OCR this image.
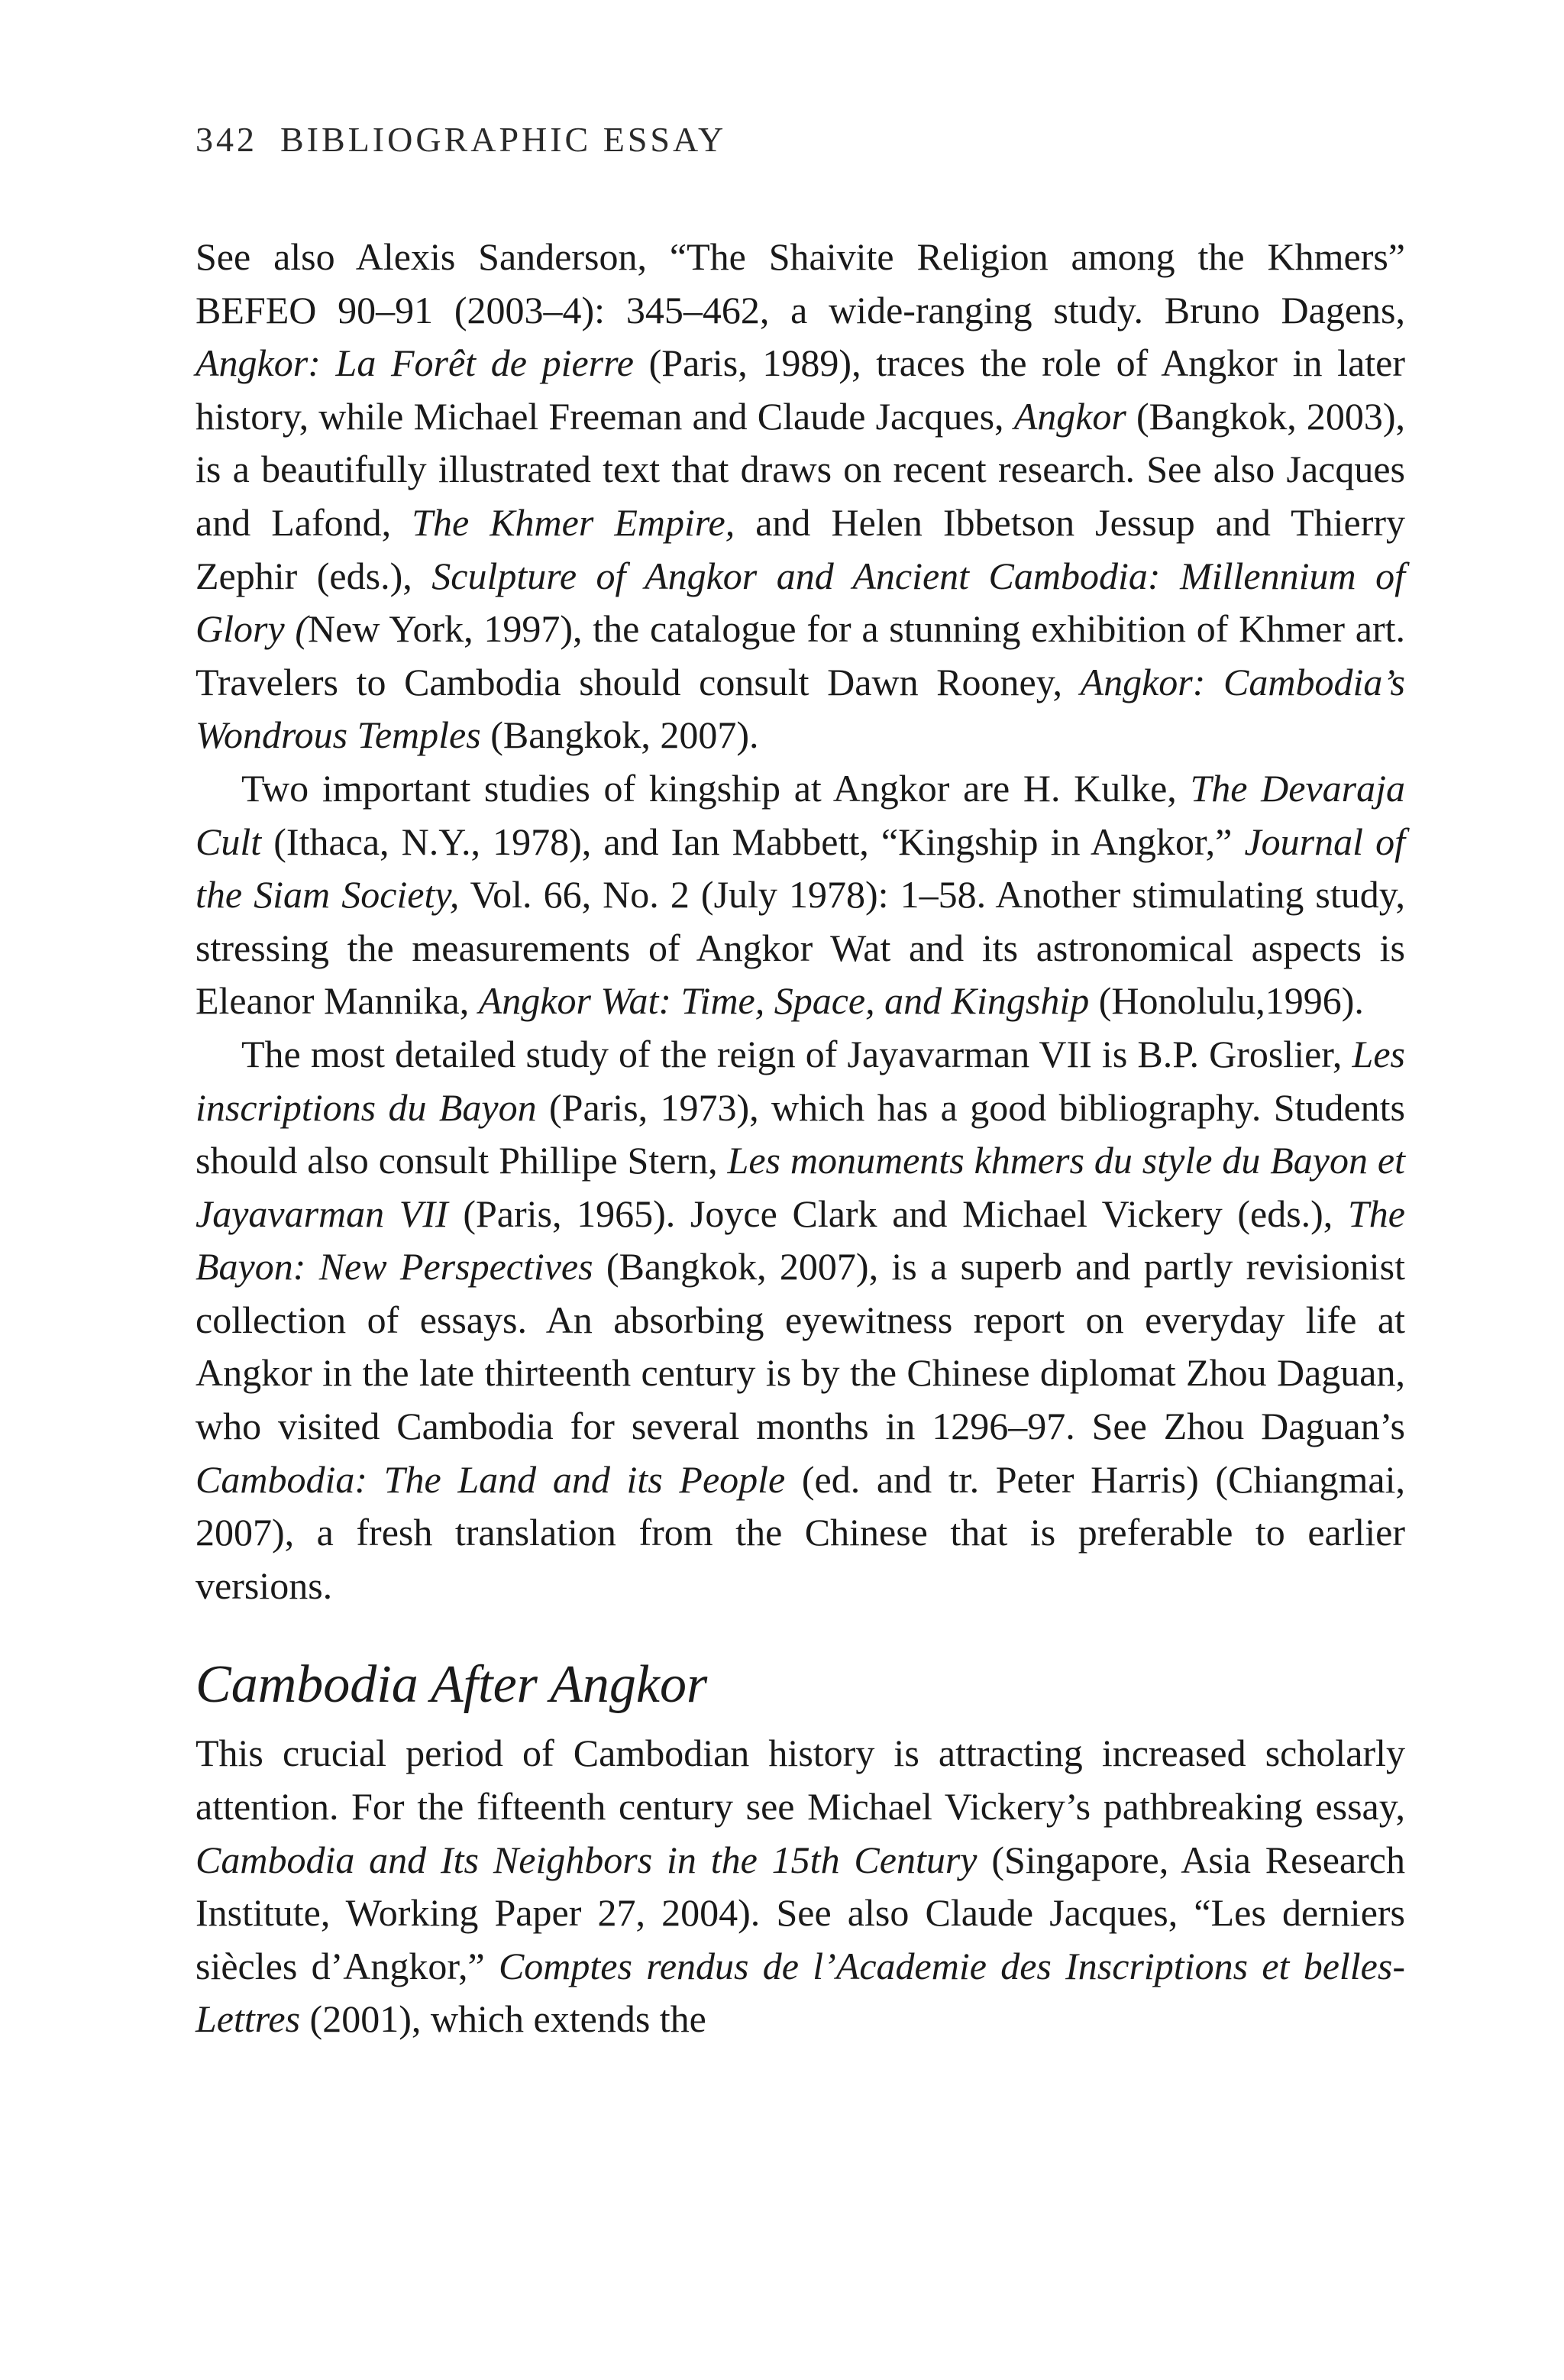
342 BIBLIOGRAPHIC ESSAY

See also Alexis Sanderson, “The Shaivite Religion among the Khmers” BEFEO 90–91 (2003–4): 345–462, a wide-ranging study. Bruno Dagens, Angkor: La Forêt de pierre (Paris, 1989), traces the role of Angkor in later history, while Michael Freeman and Claude Jacques, Angkor (Bangkok, 2003), is a beautifully illustrated text that draws on recent research. See also Jacques and Lafond, The Khmer Empire, and Helen Ibbetson Jessup and Thierry Zephir (eds.), Sculpture of Angkor and Ancient Cambodia: Millennium of Glory (New York, 1997), the catalogue for a stunning exhibition of Khmer art. Travelers to Cambodia should consult Dawn Rooney, Angkor: Cambodia’s Wondrous Temples (Bangkok, 2007).

Two important studies of kingship at Angkor are H. Kulke, The Devaraja Cult (Ithaca, N.Y., 1978), and Ian Mabbett, “Kingship in Angkor,” Journal of the Siam Society, Vol. 66, No. 2 (July 1978): 1–58. Another stimulating study, stressing the measurements of Angkor Wat and its astronomical aspects is Eleanor Mannika, Angkor Wat: Time, Space, and Kingship (Honolulu,1996).

The most detailed study of the reign of Jayavarman VII is B.P. Groslier, Les inscriptions du Bayon (Paris, 1973), which has a good bibliography. Students should also consult Phillipe Stern, Les monuments khmers du style du Bayon et Jayavarman VII (Paris, 1965). Joyce Clark and Michael Vickery (eds.), The Bayon: New Perspectives (Bangkok, 2007), is a superb and partly revisionist collection of essays. An absorbing eyewitness report on everyday life at Angkor in the late thirteenth century is by the Chinese diplomat Zhou Daguan, who visited Cambodia for several months in 1296–97. See Zhou Daguan’s Cambodia: The Land and its People (ed. and tr. Peter Harris) (Chiangmai, 2007), a fresh translation from the Chinese that is preferable to earlier versions.

Cambodia After Angkor

This crucial period of Cambodian history is attracting increased scholarly attention. For the fifteenth century see Michael Vickery’s pathbreaking essay, Cambodia and Its Neighbors in the 15th Century (Singapore, Asia Research Institute, Working Paper 27, 2004). See also Claude Jacques, “Les derniers siècles d’Angkor,” Comptes rendus de l’Academie des Inscriptions et belles-Lettres (2001), which extends the
